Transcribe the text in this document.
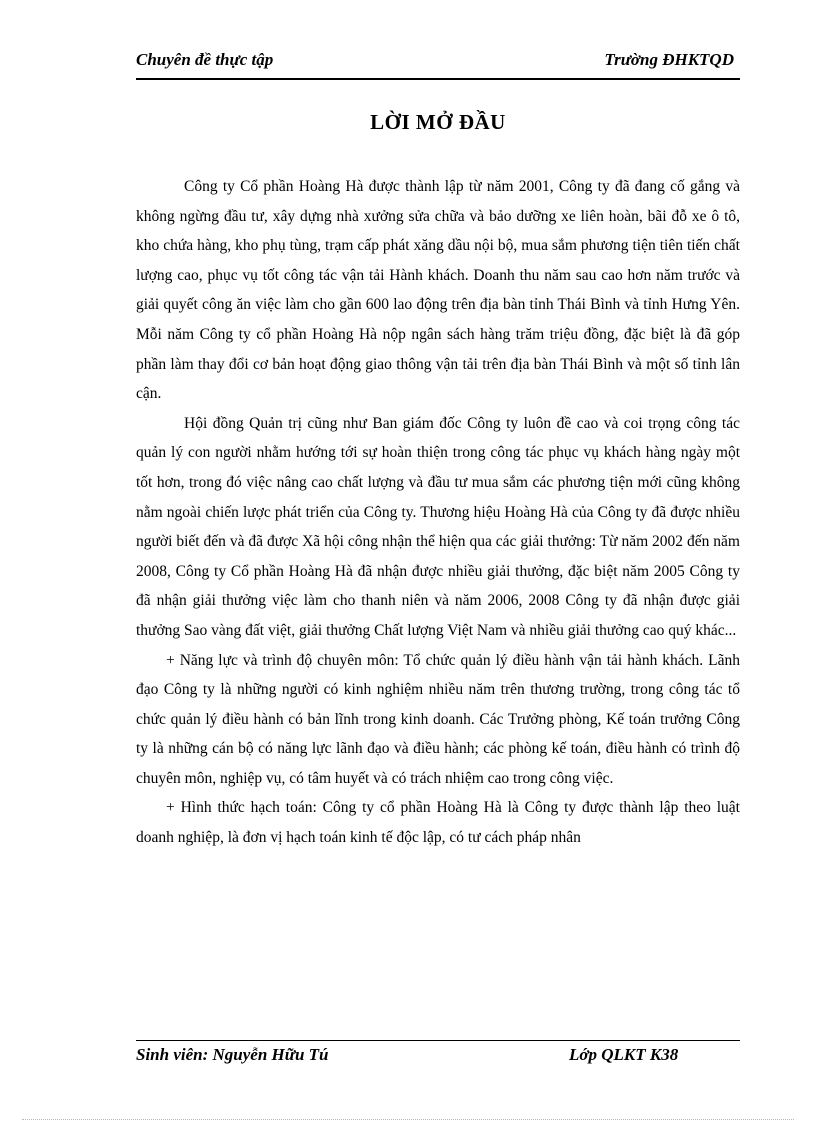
Chuyên đề thực tập	Trường ĐHKTQD
LỜI MỞ ĐẦU

Công ty Cổ phần Hoàng Hà được thành lập từ năm 2001, Công ty đã đang cố gắng và không ngừng đầu tư, xây dựng nhà xưởng sửa chữa và bảo dưỡng xe liên hoàn, bãi đỗ xe ô tô, kho chứa hàng, kho phụ tùng, trạm cấp phát xăng dầu nội bộ, mua sắm phương tiện tiên tiến chất lượng cao, phục vụ tốt công tác vận tải Hành khách. Doanh thu năm sau cao hơn năm trước và giải quyết công ăn việc làm cho gần 600 lao động trên địa bàn tỉnh Thái Bình và tỉnh Hưng Yên. Mỗi năm Công ty cổ phần Hoàng Hà nộp ngân sách hàng trăm triệu đồng, đặc biệt là đã góp phần làm thay đổi cơ bản hoạt động giao thông vận tải trên địa bàn Thái Bình và một số tỉnh lân cận.

Hội đồng Quản trị cũng như Ban giám đốc Công ty luôn đề cao và coi trọng công tác quản lý con người nhằm hướng tới sự hoàn thiện trong công tác phục vụ khách hàng ngày một tốt hơn, trong đó việc nâng cao chất lượng và đầu tư mua sắm các phương tiện mới cũng không nằm ngoài chiến lược phát triển của Công ty. Thương hiệu Hoàng Hà của Công ty đã được nhiều người biết đến và đã được Xã hội công nhận thể hiện qua các giải thưởng: Từ năm 2002 đến năm 2008, Công ty Cổ phần Hoàng Hà đã nhận được nhiều giải thưởng, đặc biệt năm 2005 Công ty đã nhận giải thưởng việc làm cho thanh niên và năm 2006, 2008 Công ty đã nhận được giải thưởng Sao vàng đất việt, giải thưởng Chất lượng Việt Nam và nhiều giải thưởng cao quý khác...

+ Năng lực và trình độ chuyên môn: Tổ chức quản lý điều hành vận tải hành khách. Lãnh đạo Công ty là những người có kinh nghiệm nhiều năm trên thương trường, trong công tác tổ chức quản lý điều hành có bản lĩnh trong kinh doanh. Các Trưởng phòng, Kế toán trưởng Công ty là những cán bộ có năng lực lãnh đạo và điều hành; các phòng kế toán, điều hành có trình độ chuyên môn, nghiệp vụ, có tâm huyết và có trách nhiệm cao trong công việc.

+ Hình thức hạch toán: Công ty cổ phần Hoàng Hà là Công ty được thành lập theo luật doanh nghiệp, là đơn vị hạch toán kinh tế độc lập, có tư cách pháp nhân

Sinh viên: Nguyễn Hữu Tú	Lớp QLKT K38
